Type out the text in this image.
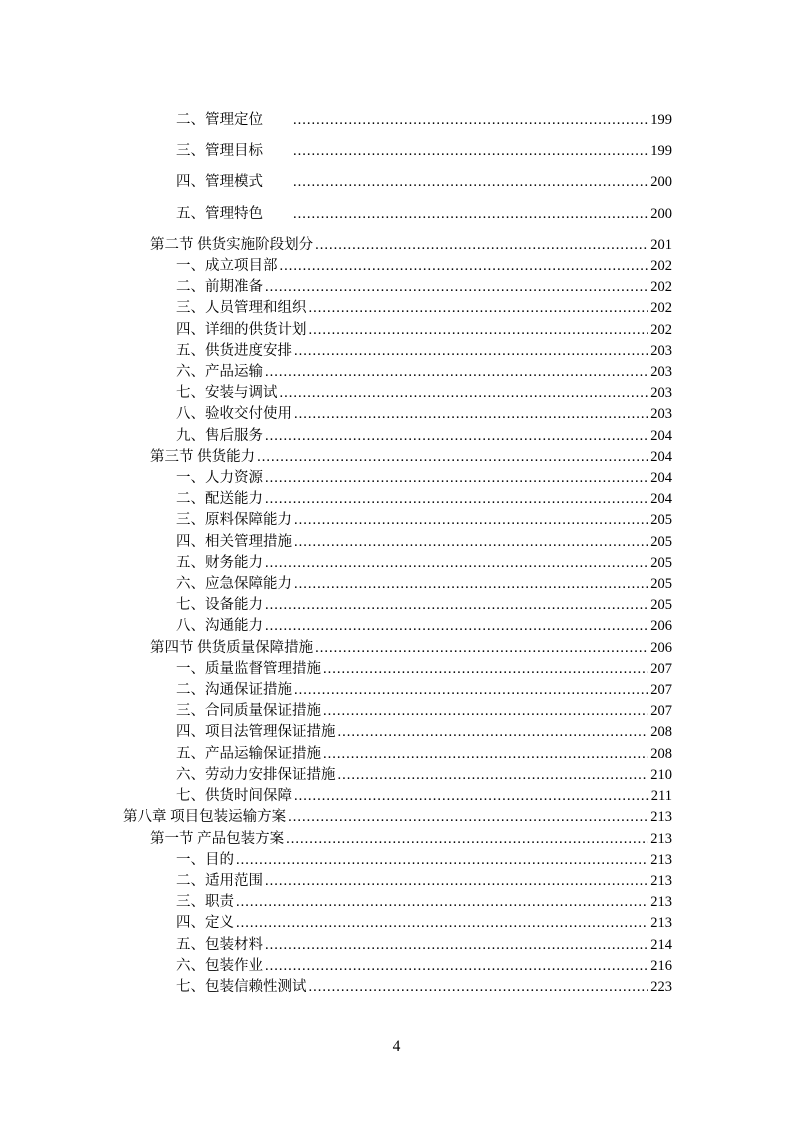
二、管理定位 .....	199
三、管理目标 .....	199
四、管理模式 .....	200
五、管理特色 .....	200
第二节 供货实施阶段划分 .....	201
一、成立项目部 .....	202
二、前期准备 .....	202
三、人员管理和组织 .....	202
四、详细的供货计划 .....	202
五、供货进度安排 .....	203
六、产品运输 .....	203
七、安装与调试 .....	203
八、验收交付使用 .....	203
九、售后服务 .....	204
第三节 供货能力 .....	204
一、人力资源 .....	204
二、配送能力 .....	204
三、原料保障能力 .....	205
四、相关管理措施 .....	205
五、财务能力 .....	205
六、应急保障能力 .....	205
七、设备能力 .....	205
八、沟通能力 .....	206
第四节 供货质量保障措施 .....	206
一、质量监督管理措施 .....	207
二、沟通保证措施 .....	207
三、合同质量保证措施 .....	207
四、项目法管理保证措施 .....	208
五、产品运输保证措施 .....	208
六、劳动力安排保证措施 .....	210
七、供货时间保障 .....	211
第八章 项目包装运输方案 .....	213
第一节 产品包装方案 .....	213
一、目的 .....	213
二、适用范围 .....	213
三、职责 .....	213
四、定义 .....	213
五、包装材料 .....	214
六、包装作业 .....	216
七、包装信赖性测试 .....	223
4
